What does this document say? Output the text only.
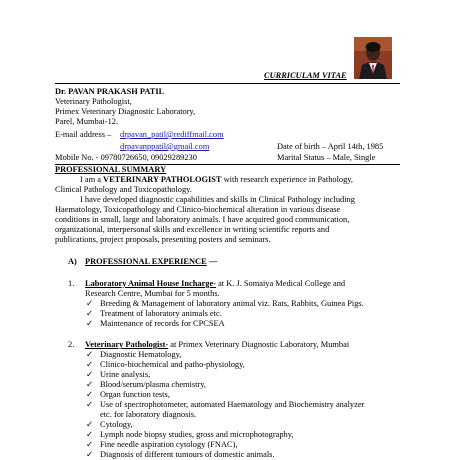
CURRICULAM VITAE
Dr. PAVAN PRAKASH PATIL
Veterinary Pathologist,
Primex Veterinary Diagnostic Laboratory,
Parel, Mumbai-12.
E-mail address – drpavan_patil@rediffmail.com
drpavanppatil@gmail.com
Mobile No. - 09780726650, 09029289230
Date of birth – April 14th, 1985
Marital Status – Male, Single
PROFESSIONAL SUMMARY
I am a VETERINARY PATHOLOGIST with research experience in Pathology,
Clinical Pathology and Toxicopathology.
I have developed diagnostic capabilities and skills in Clinical Pathology including
Haematology, Toxicopathology and Clinico-biochemical alteration in various disease
conditions in small, large and laboratory animals. I have acquired good communication,
organizational, interpersonal skills and excellence in writing scientific reports and
publications, project proposals, presenting posters and seminars.
A) PROFESSIONAL EXPERIENCE —
1. Laboratory Animal House Incharge- at K. J. Somaiya Medical College and
Research Centre, Mumbai for 5 months.
✓ Breeding & Management of laboratory animal viz. Rats, Rabbits, Guinea Pigs.
✓ Treatment of laboratory animals etc.
✓ Maintenance of records for CPCSEA
2. Veterinary Pathologist- at Primex Veterinary Diagnostic Laboratory, Mumbai
✓ Diagnostic Hematology,
✓ Clinico-biochemical and patho-physiology,
✓ Urine analysis,
✓ Blood/serum/plasma chemistry,
✓ Organ function tests,
✓ Use of spectrophotometer, automated Haematology and Biochemistry analyzer
etc. for laboratory diagnosis.
✓ Cytology,
✓ Lymph node biopsy studies, gross and microphotography,
✓ Fine needle aspiration cytology (FNAC),
✓ Diagnosis of different tumours of domestic animals.
